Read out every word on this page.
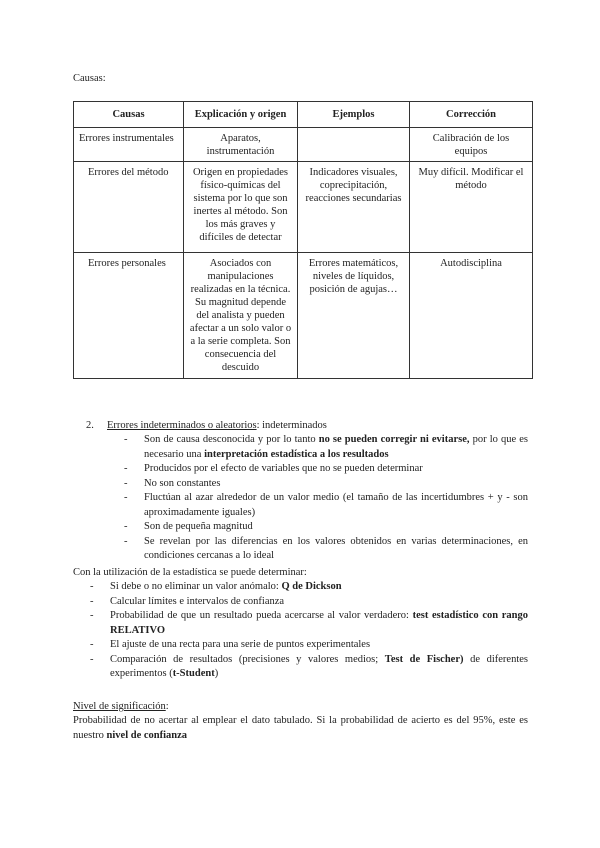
Causas:
Causas	Explicación y origen	Ejemplos	Corrección
Errores instrumentales	Aparatos, instrumentación		Calibración de los equipos
Errores del método	Origen en propiedades físico-químicas del sistema por lo que son inertes al método. Son los más graves y difíciles de detectar	Indicadores visuales, coprecipitación, reacciones secundarias	Muy difícil. Modificar el método
Errores personales	Asociados con manipulaciones realizadas en la técnica. Su magnitud depende del analista y pueden afectar a un solo valor o a la serie completa. Son consecuencia del descuido	Errores matemáticos, niveles de líquidos, posición de agujas…	Autodisciplina
2. Errores indeterminados o aleatorios: indeterminados
- Son de causa desconocida y por lo tanto no se pueden corregir ni evitarse, por lo que es necesario una interpretación estadística a los resultados
- Producidos por el efecto de variables que no se pueden determinar
- No son constantes
- Fluctúan al azar alrededor de un valor medio (el tamaño de las incertidumbres + y - son aproximadamente iguales)
- Son de pequeña magnitud
- Se revelan por las diferencias en los valores obtenidos en varias determinaciones, en condiciones cercanas a lo ideal
Con la utilización de la estadística se puede determinar:
- Si debe o no eliminar un valor anómalo: Q de Dickson
- Calcular límites e intervalos de confianza
- Probabilidad de que un resultado pueda acercarse al valor verdadero: test estadístico con rango RELATIVO
- El ajuste de una recta para una serie de puntos experimentales
- Comparación de resultados (precisiones y valores medios; Test de Fischer) de diferentes experimentos (t-Student)
Nivel de significación:
Probabilidad de no acertar al emplear el dato tabulado. Si la probabilidad de acierto es del 95%, este es nuestro nivel de confianza
